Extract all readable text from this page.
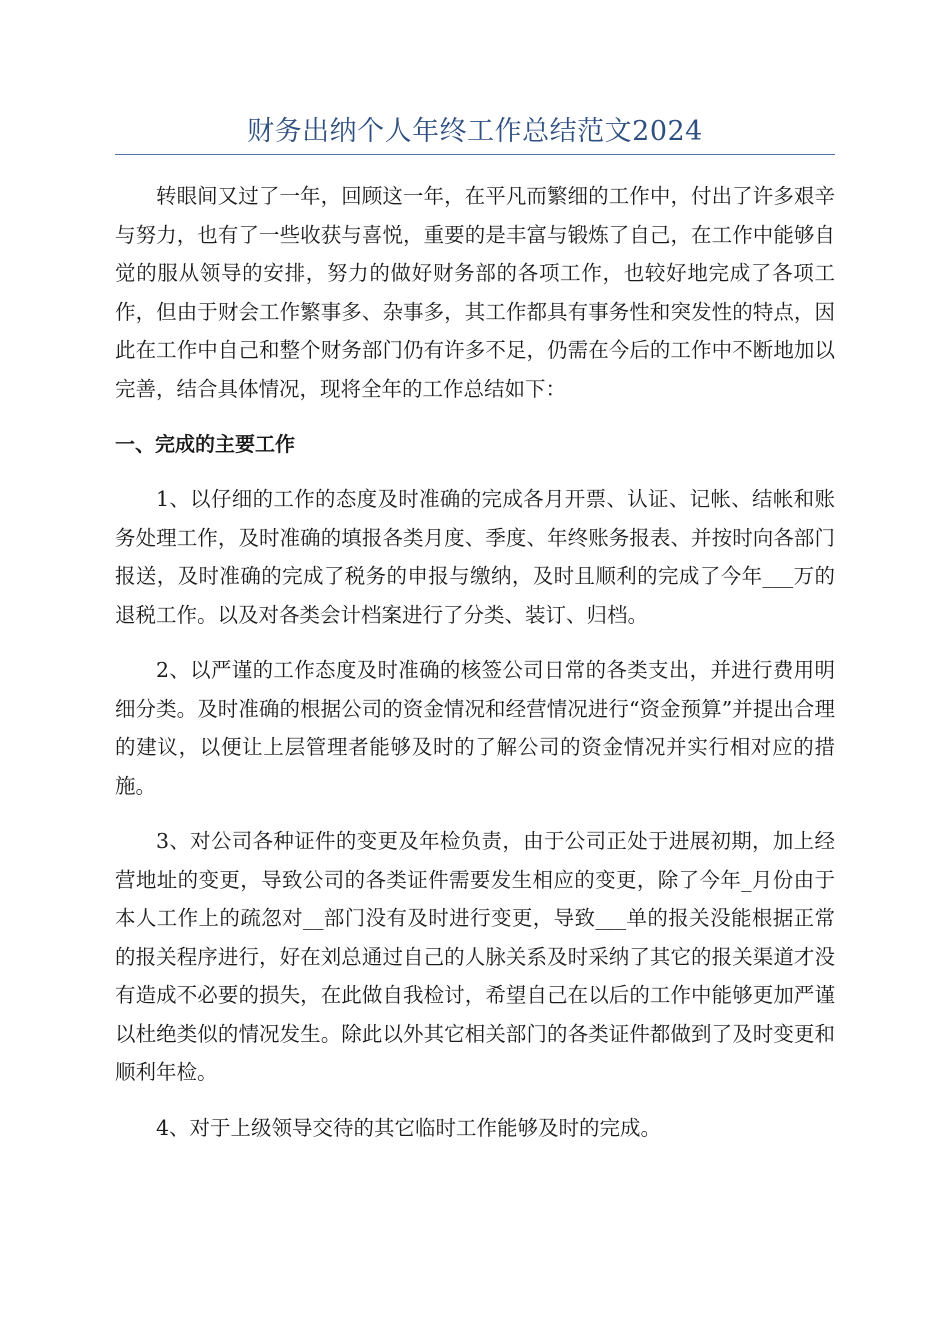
财务出纳个人年终工作总结范文2024

转眼间又过了一年，回顾这一年，在平凡而繁细的工作中，付出了许多艰辛与努力，也有了一些收获与喜悦，重要的是丰富与锻炼了自己，在工作中能够自觉的服从领导的安排，努力的做好财务部的各项工作，也较好地完成了各项工作，但由于财会工作繁事多、杂事多，其工作都具有事务性和突发性的特点，因此在工作中自己和整个财务部门仍有许多不足，仍需在今后的工作中不断地加以完善，结合具体情况，现将全年的工作总结如下：

一、完成的主要工作

1、以仔细的工作的态度及时准确的完成各月开票、认证、记帐、结帐和账务处理工作，及时准确的填报各类月度、季度、年终账务报表、并按时向各部门报送，及时准确的完成了税务的申报与缴纳，及时且顺利的完成了今年___万的退税工作。以及对各类会计档案进行了分类、装订、归档。

2、以严谨的工作态度及时准确的核签公司日常的各类支出，并进行费用明细分类。及时准确的根据公司的资金情况和经营情况进行“资金预算”并提出合理的建议，以便让上层管理者能够及时的了解公司的资金情况并实行相对应的措施。

3、对公司各种证件的变更及年检负责，由于公司正处于进展初期，加上经营地址的变更，导致公司的各类证件需要发生相应的变更，除了今年_月份由于本人工作上的疏忽对__部门没有及时进行变更，导致___单的报关没能根据正常的报关程序进行，好在刘总通过自己的人脉关系及时采纳了其它的报关渠道才没有造成不必要的损失，在此做自我检讨，希望自己在以后的工作中能够更加严谨以杜绝类似的情况发生。除此以外其它相关部门的各类证件都做到了及时变更和顺利年检。

4、对于上级领导交待的其它临时工作能够及时的完成。
